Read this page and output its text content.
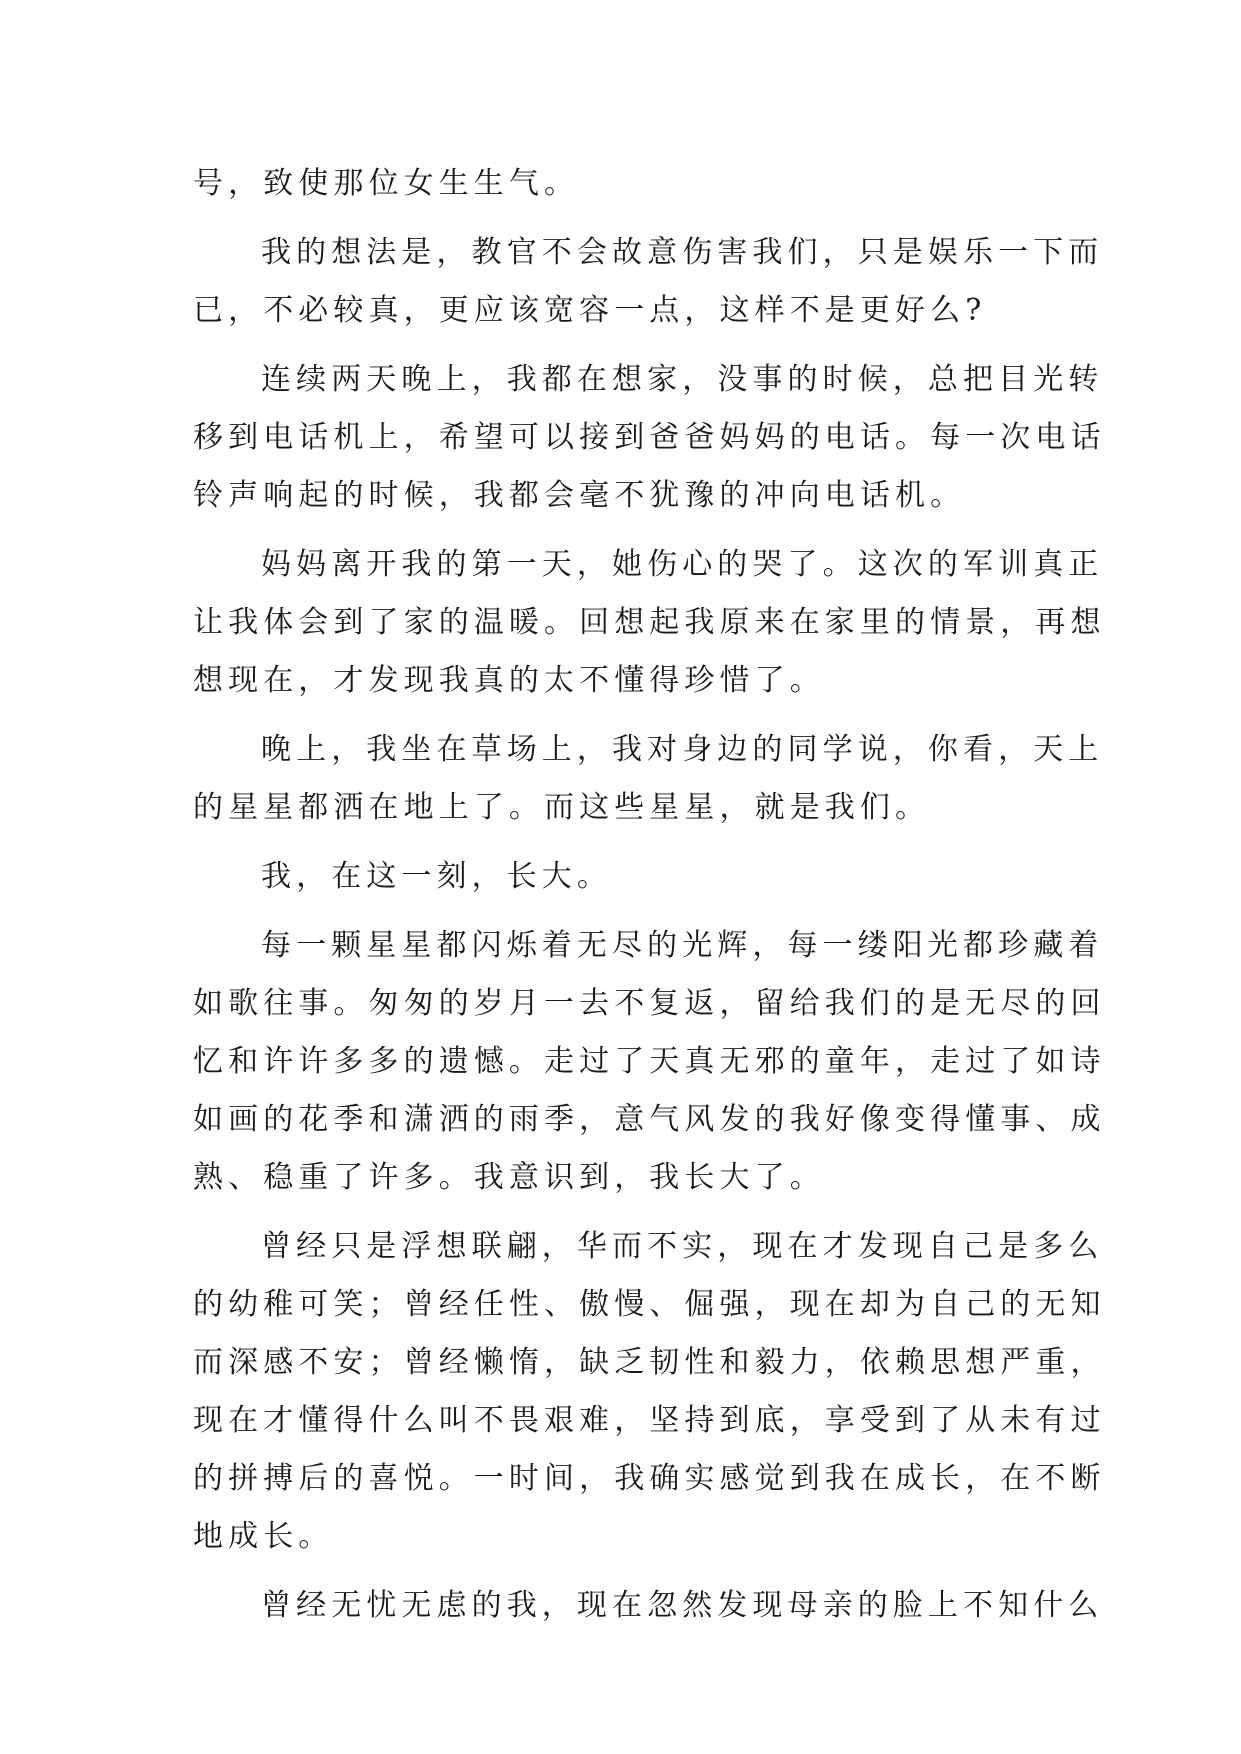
号，致使那位女生生气。
我的想法是，教官不会故意伤害我们，只是娱乐一下而
已，不必较真，更应该宽容一点，这样不是更好么?
连续两天晚上，我都在想家，没事的时候，总把目光转
移到电话机上，希望可以接到爸爸妈妈的电话。每一次电话
铃声响起的时候，我都会毫不犹豫的冲向电话机。
妈妈离开我的第一天，她伤心的哭了。这次的军训真正
让我体会到了家的温暖。回想起我原来在家里的情景，再想
想现在，才发现我真的太不懂得珍惜了。
晚上，我坐在草场上，我对身边的同学说，你看，天上
的星星都洒在地上了。而这些星星，就是我们。
我，在这一刻，长大。
每一颗星星都闪烁着无尽的光辉，每一缕阳光都珍藏着
如歌往事。匆匆的岁月一去不复返，留给我们的是无尽的回
忆和许许多多的遗憾。走过了天真无邪的童年，走过了如诗
如画的花季和潇洒的雨季，意气风发的我好像变得懂事、成
熟、稳重了许多。我意识到，我长大了。
曾经只是浮想联翩，华而不实，现在才发现自己是多么
的幼稚可笑；曾经任性、傲慢、倔强，现在却为自己的无知
而深感不安；曾经懒惰，缺乏韧性和毅力，依赖思想严重，
现在才懂得什么叫不畏艰难，坚持到底，享受到了从未有过
的拼搏后的喜悦。一时间，我确实感觉到我在成长，在不断
地成长。
曾经无忧无虑的我，现在忽然发现母亲的脸上不知什么
